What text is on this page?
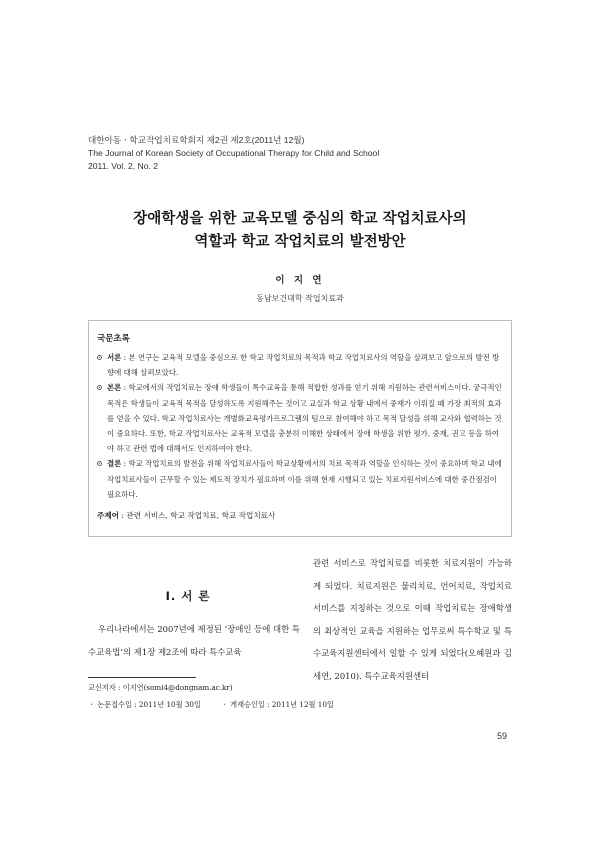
대한아동ㆍ학교작업치료학회지 제2권 제2호(2011년 12월)
The Journal of Korean Society of Occupational Therapy for Child and School
2011. Vol. 2, No. 2
장애학생을 위한 교육모델 중심의 학교 작업치료사의
역할과 학교 작업치료의 발전방안
이 지 연
동남보건대학 작업치료과
국문초록
서론 : 본 연구는 교육적 모델을 중심으로 한 학교 작업치료의 목적과 학교 작업치료사의 역할을 살펴보고 앞으로의 발전 방향에 대해 살펴보았다.
본론 : 학교에서의 작업치료는 장애 학생들이 특수교육을 통해 적합한 성과를 얻기 위해 지원하는 관련서비스이다. 궁극적인 목적은 학생들이 교육적 목적을 달성하도록 지원해주는 것이고 교실과 학교 상황 내에서 중재가 이뤄질 때 가장 최적의 효과를 얻을 수 있다. 학교 작업치료사는 개별화교육평가프로그램의 팀으로 참여해야 하고 목적 달성을 위해 교사와 협력하는 것이 중요하다. 또한, 학교 작업치료사는 교육적 모델을 충분히 이해한 상태에서 장애 학생을 위한 평가, 중재, 권고 등을 하여야 하고 관련 법에 대해서도 인지하여야 한다.
결론 : 학교 작업치료의 발전을 위해 작업치료사들이 학교상황에서의 치료 목적과 역할을 인식하는 것이 중요하며 학교 내에 작업치료사들이 근무할 수 있는 제도적 장치가 필요하며 이를 위해 현재 시행되고 있는 치료지원서비스에 대한 중간점검이 필요하다.
주제어 : 관련 서비스, 학교 작업치료, 학교 작업치료사
I. 서 론
우리나라에서는 2007년에 제정된 ‘장애인 등에 대한 특수교육법’의 제1장 제2조에 따라 특수교육
관련 서비스로 작업치료를 비롯한 치료지원이 가능하게 되었다. 치료지원은 물리치료, 언어치료, 작업치료서비스를 지칭하는 것으로 이때 작업치료는 장애학생의 최상적인 교육을 지원하는 업무로써 특수학교 및 특수교육지원센터에서 일할 수 있게 되었다(오혜원과 김세연, 2010). 특수교육지원센터
교신저자 : 이지연(somi4@dongnam.ac.kr)
ㆍ 논문접수일 : 2011년 10월 30일	ㆍ 게재승인일 : 2011년 12월 10일
59
